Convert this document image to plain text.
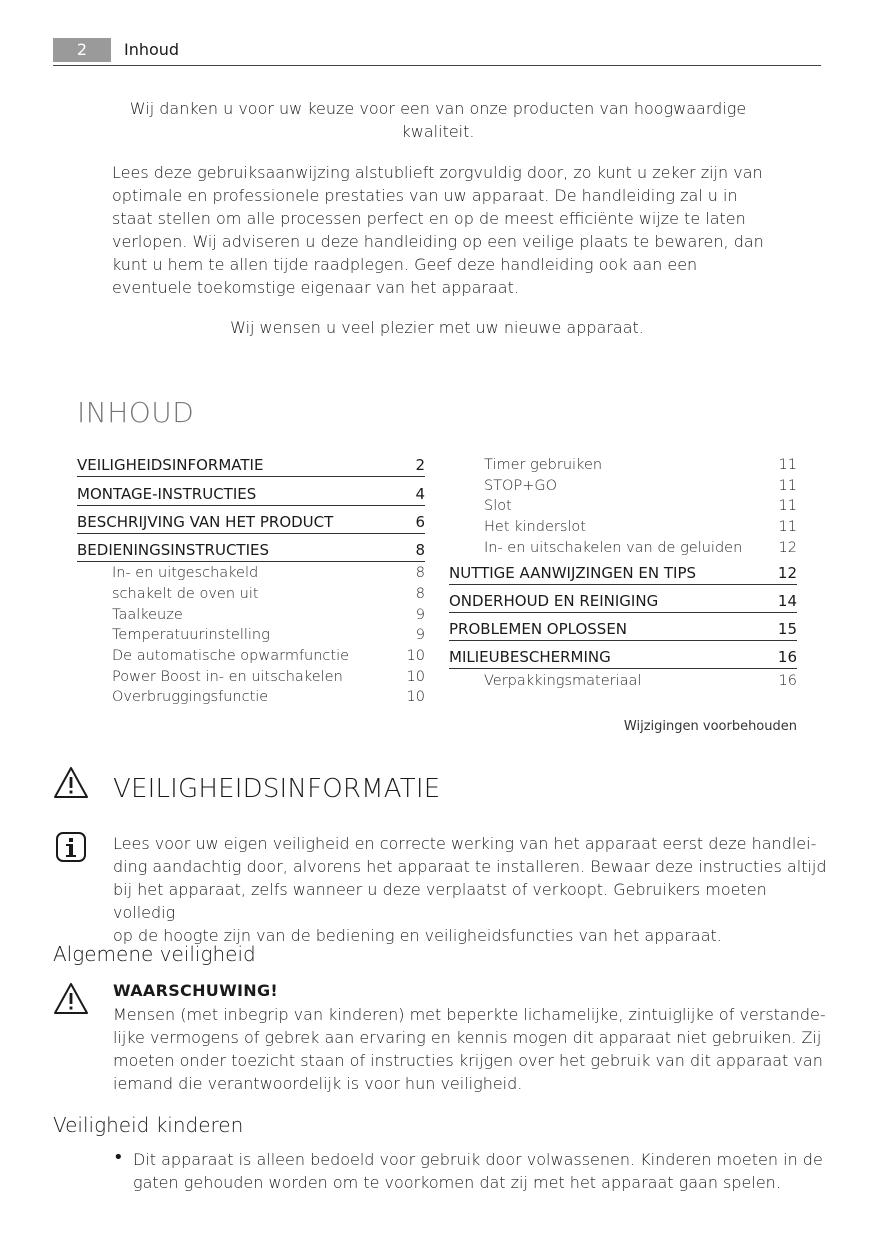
2	Inhoud
Wij danken u voor uw keuze voor een van onze producten van hoogwaardige kwaliteit.
Lees deze gebruiksaanwijzing alstublieft zorgvuldig door, zo kunt u zeker zijn van
optimale en professionele prestaties van uw apparaat. De handleiding zal u in
staat stellen om alle processen perfect en op de meest efficiënte wijze te laten
verlopen. Wij adviseren u deze handleiding op een veilige plaats te bewaren, dan
kunt u hem te allen tijde raadplegen. Geef deze handleiding ook aan een
eventuele toekomstige eigenaar van het apparaat.
Wij wensen u veel plezier met uw nieuwe apparaat.
INHOUD
VEILIGHEIDSINFORMATIE	2
MONTAGE-INSTRUCTIES	4
BESCHRIJVING VAN HET PRODUCT	6
BEDIENINGSINSTRUCTIES	8
In- en uitgeschakeld	8
schakelt de oven uit	8
Taalkeuze	9
Temperatuurinstelling	9
De automatische opwarmfunctie	10
Power Boost in- en uitschakelen	10
Overbruggingsfunctie	10
Timer gebruiken	11
STOP+GO	11
Slot	11
Het kinderslot	11
In- en uitschakelen van de geluiden	12
NUTTIGE AANWIJZINGEN EN TIPS	12
ONDERHOUD EN REINIGING	14
PROBLEMEN OPLOSSEN	15
MILIEUBESCHERMING	16
Verpakkingsmateriaal	16
Wijzigingen voorbehouden
VEILIGHEIDSINFORMATIE
Lees voor uw eigen veiligheid en correcte werking van het apparaat eerst deze handlei-
ding aandachtig door, alvorens het apparaat te installeren. Bewaar deze instructies altijd
bij het apparaat, zelfs wanneer u deze verplaatst of verkoopt. Gebruikers moeten volledig
op de hoogte zijn van de bediening en veiligheidsfuncties van het apparaat.
Algemene veiligheid
WAARSCHUWING!
Mensen (met inbegrip van kinderen) met beperkte lichamelijke, zintuiglijke of verstande-
lijke vermogens of gebrek aan ervaring en kennis mogen dit apparaat niet gebruiken. Zij
moeten onder toezicht staan of instructies krijgen over het gebruik van dit apparaat van
iemand die verantwoordelijk is voor hun veiligheid.
Veiligheid kinderen
• Dit apparaat is alleen bedoeld voor gebruik door volwassenen. Kinderen moeten in de
gaten gehouden worden om te voorkomen dat zij met het apparaat gaan spelen.
